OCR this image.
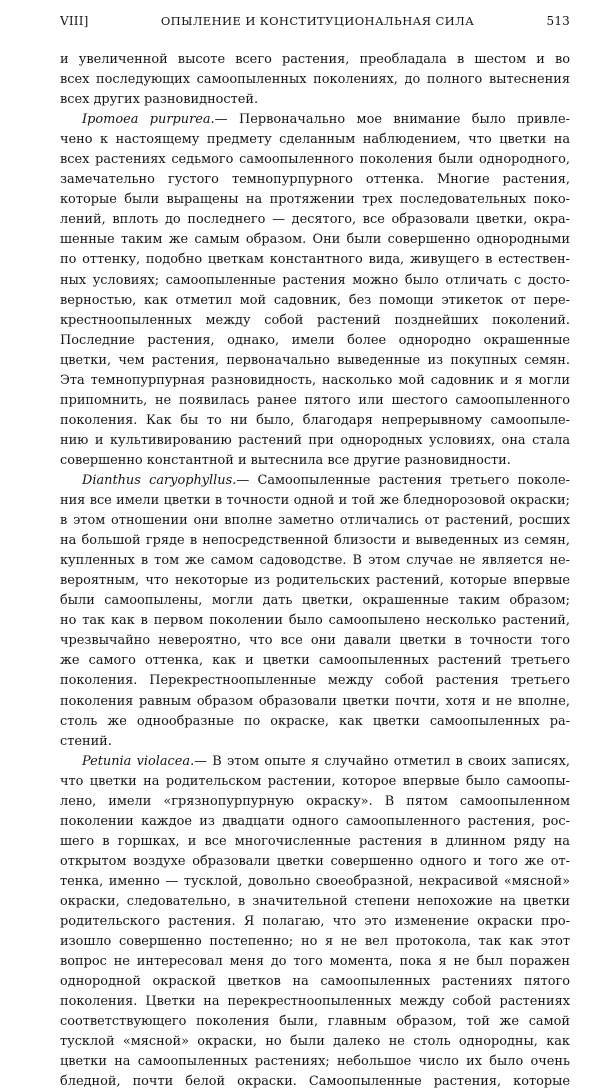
VIII]	ОПЫЛЕНИЕ И КОНСТИТУЦИОНАЛЬНАЯ СИЛА	513
и увеличенной высоте всего растения, преобладала в шестом и во
всех последующих самоопыленных поколениях, до полного вытеснения
всех других разновидностей.
Ipomoea purpurea.— Первоначально мое внимание было привле-
чено к настоящему предмету сделанным наблюдением, что цветки на
всех растениях седьмого самоопыленного поколения были однородного,
замечательно густого темнопурпурного оттенка. Многие растения,
которые были выращены на протяжении трех последовательных поко-
лений, вплоть до последнего — десятого, все образовали цветки, окра-
шенные таким же самым образом. Они были совершенно однородными
по оттенку, подобно цветкам константного вида, живущего в естествен-
ных условиях; самоопыленные растения можно было отличать с досто-
верностью, как отметил мой садовник, без помощи этикеток от пере-
крестноопыленных между собой растений позднейших поколений.
Последние растения, однако, имели более однородно окрашенные
цветки, чем растения, первоначально выведенные из покупных семян.
Эта темнопурпурная разновидность, насколько мой садовник и я могли
припомнить, не появилась ранее пятого или шестого самоопыленного
поколения. Как бы то ни было, благодаря непрерывному самоопыле-
нию и культивированию растений при однородных условиях, она стала
совершенно константной и вытеснила все другие разновидности.
Dianthus caryophyllus.— Самоопыленные растения третьего поколе-
ния все имели цветки в точности одной и той же бледнорозовой окраски;
в этом отношении они вполне заметно отличались от растений, росших
на большой гряде в непосредственной близости и выведенных из семян,
купленных в том же самом садоводстве. В этом случае не является не-
вероятным, что некоторые из родительских растений, которые впервые
были самоопылены, могли дать цветки, окрашенные таким образом;
но так как в первом поколении было самоопылено несколько растений,
чрезвычайно невероятно, что все они давали цветки в точности того
же самого оттенка, как и цветки самоопыленных растений третьего
поколения. Перекрестноопыленные между собой растения третьего
поколения равным образом образовали цветки почти, хотя и не вполне,
столь же однообразные по окраске, как цветки самоопыленных ра-
стений.
Petunia violacea.— В этом опыте я случайно отметил в своих записях,
что цветки на родительском растении, которое впервые было самоопы-
лено, имели «грязнопурпурную окраску». В пятом самоопыленном
поколении каждое из двадцати одного самоопыленного растения, рос-
шего в горшках, и все многочисленные растения в длинном ряду на
открытом воздухе образовали цветки совершенно одного и того же от-
тенка, именно — тусклой, довольно своеобразной, некрасивой «мясной»
окраски, следовательно, в значительной степени непохожие на цветки
родительского растения. Я полагаю, что это изменение окраски про-
изошло совершенно постепенно; но я не вел протокола, так как этот
вопрос не интересовал меня до того момента, пока я не был поражен
однородной окраской цветков на самоопыленных растениях пятого
поколения. Цветки на перекрестноопыленных между собой растениях
соответствующего поколения были, главным образом, той же самой
тусклой «мясной» окраски, но были далеко не столь однородны, как
цветки на самоопыленных растениях; небольшое число их было очень
бледной, почти белой окраски. Самоопыленные растения, которые
